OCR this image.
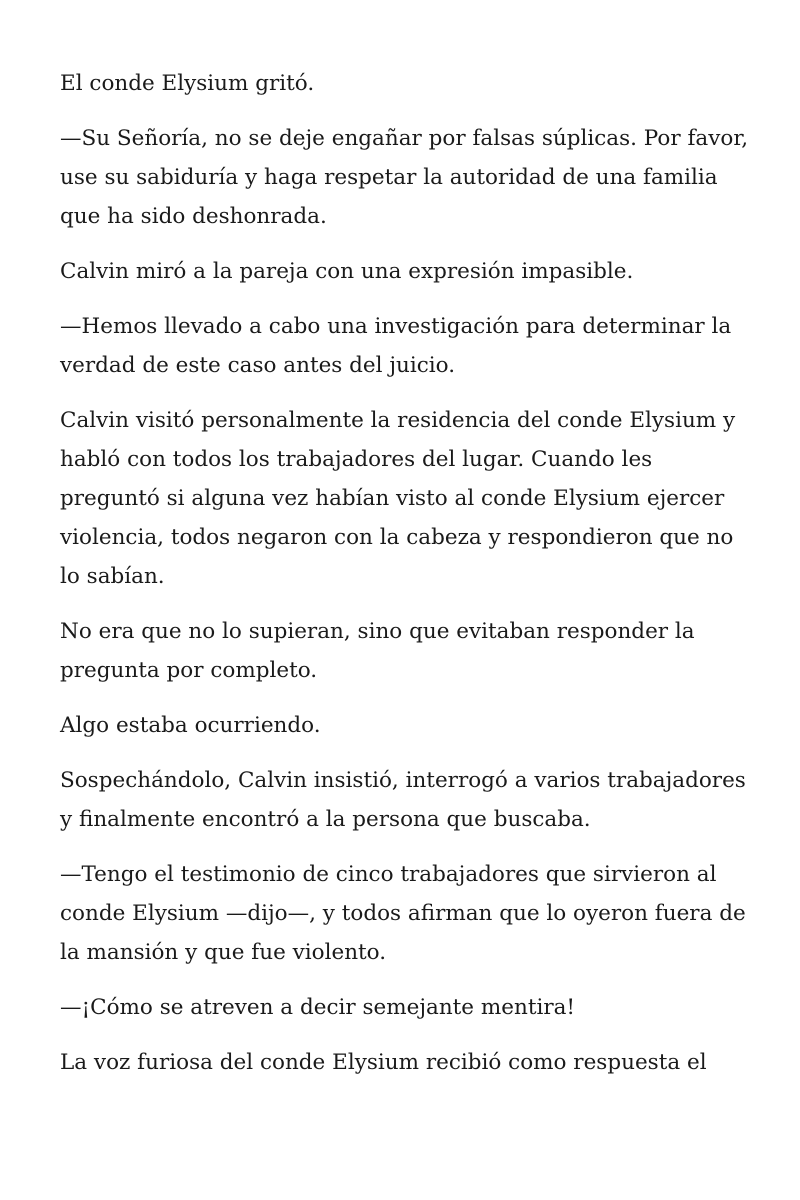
El conde Elysium gritó.

—Su Señoría, no se deje engañar por falsas súplicas. Por favor, use su sabiduría y haga respetar la autoridad de una familia que ha sido deshonrada.

Calvin miró a la pareja con una expresión impasible.

—Hemos llevado a cabo una investigación para determinar la verdad de este caso antes del juicio.

Calvin visitó personalmente la residencia del conde Elysium y habló con todos los trabajadores del lugar. Cuando les preguntó si alguna vez habían visto al conde Elysium ejercer violencia, todos negaron con la cabeza y respondieron que no lo sabían.

No era que no lo supieran, sino que evitaban responder la pregunta por completo.

Algo estaba ocurriendo.

Sospechándolo, Calvin insistió, interrogó a varios trabajadores y finalmente encontró a la persona que buscaba.

—Tengo el testimonio de cinco trabajadores que sirvieron al conde Elysium —dijo—, y todos afirman que lo oyeron fuera de la mansión y que fue violento.

—¡Cómo se atreven a decir semejante mentira!

La voz furiosa del conde Elysium recibió como respuesta el
